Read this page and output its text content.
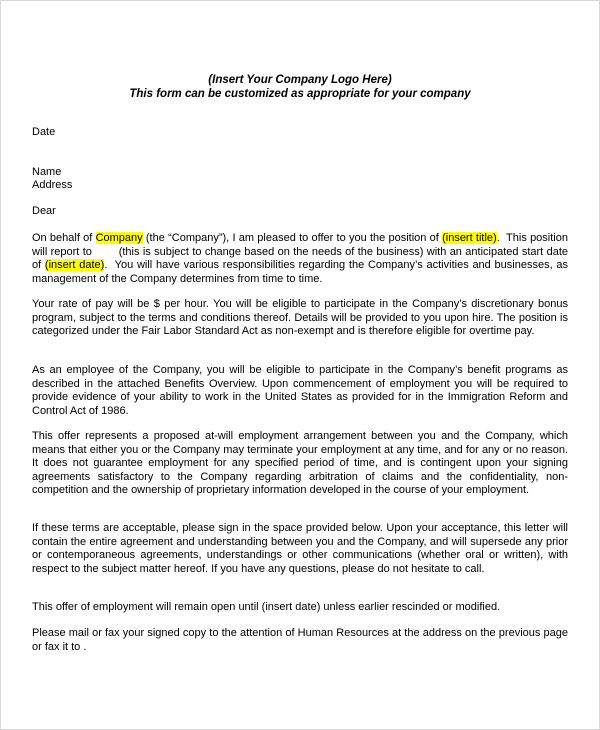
(Insert Your Company Logo Here)
This form can be customized as appropriate for your company
Date
Name
Address
Dear
On behalf of Company (the “Company”), I am pleased to offer to you the position of (insert title).  This position will report to        (this is subject to change based on the needs of the business) with an anticipated start date of (insert date).  You will have various responsibilities regarding the Company’s activities and businesses, as management of the Company determines from time to time.
Your rate of pay will be $ per hour. You will be eligible to participate in the Company’s discretionary bonus program, subject to the terms and conditions thereof. Details will be provided to you upon hire. The position is categorized under the Fair Labor Standard Act as non-exempt and is therefore eligible for overtime pay.
As an employee of the Company, you will be eligible to participate in the Company’s benefit programs as described in the attached Benefits Overview. Upon commencement of employment you will be required to provide evidence of your ability to work in the United States as provided for in the Immigration Reform and Control Act of 1986.
This offer represents a proposed at-will employment arrangement between you and the Company, which means that either you or the Company may terminate your employment at any time, and for any or no reason. It does not guarantee employment for any specified period of time, and is contingent upon your signing agreements satisfactory to the Company regarding arbitration of claims and the confidentiality, non-competition and the ownership of proprietary information developed in the course of your employment.
If these terms are acceptable, please sign in the space provided below. Upon your acceptance, this letter will contain the entire agreement and understanding between you and the Company, and will supersede any prior or contemporaneous agreements, understandings or other communications (whether oral or written), with respect to the subject matter hereof. If you have any questions, please do not hesitate to call.
This offer of employment will remain open until (insert date) unless earlier rescinded or modified.
Please mail or fax your signed copy to the attention of Human Resources at the address on the previous page or fax it to .
